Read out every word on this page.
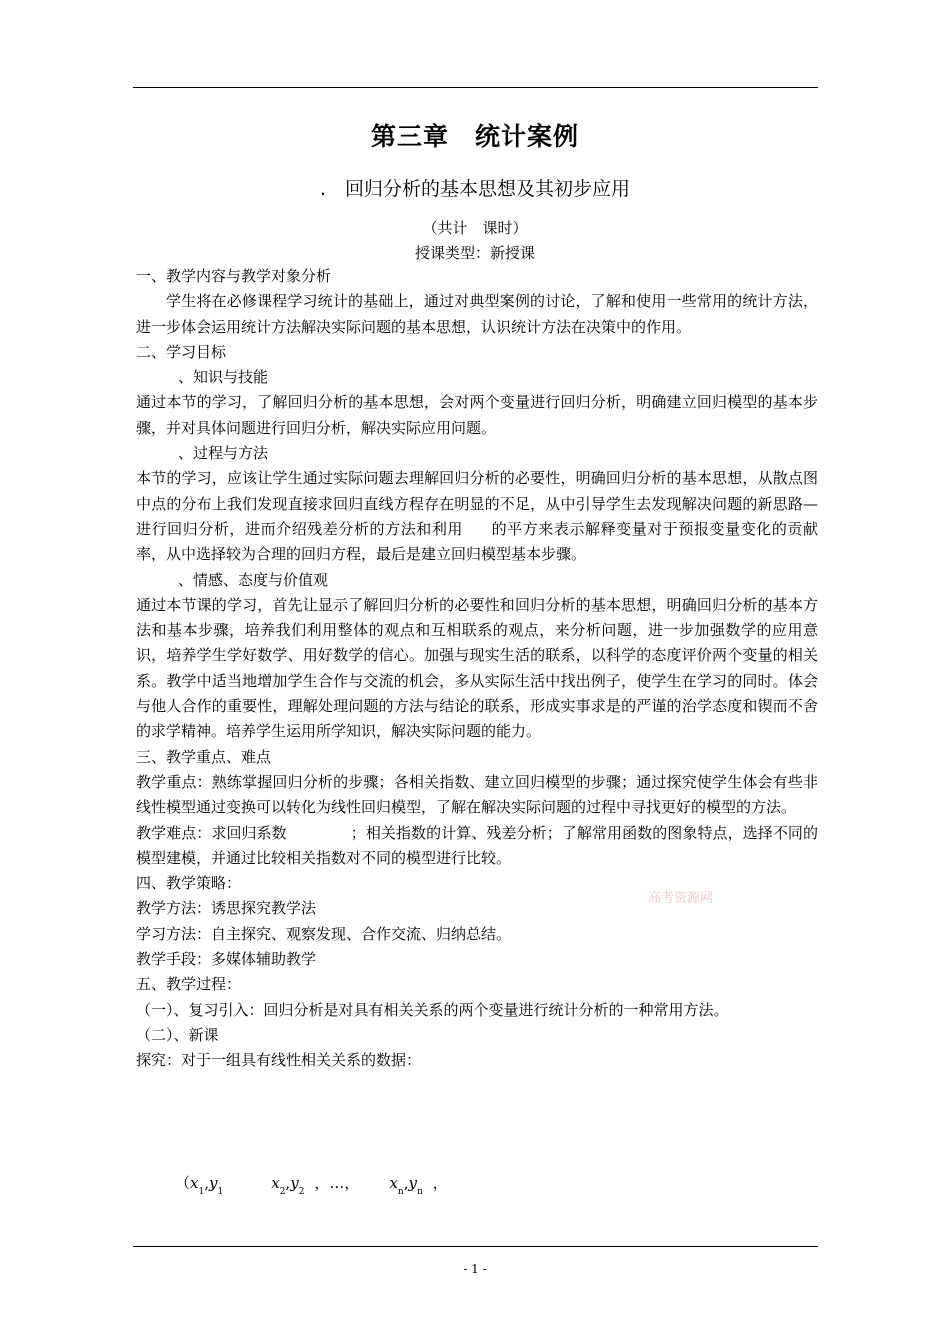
第三章　统计案例
.　回归分析的基本思想及其初步应用
（共计　课时）
授课类型：新授课

一、教学内容与教学对象分析

学生将在必修课程学习统计的基础上，通过对典型案例的讨论，了解和使用一些常用的统计方法，进一步体会运用统计方法解决实际问题的基本思想，认识统计方法在决策中的作用。

二、学习目标

、知识与技能

通过本节的学习，了解回归分析的基本思想，会对两个变量进行回归分析，明确建立回归模型的基本步骤，并对具体问题进行回归分析，解决实际应用问题。

、过程与方法

本节的学习，应该让学生通过实际问题去理解回归分析的必要性，明确回归分析的基本思想，从散点图中点的分布上我们发现直接求回归直线方程存在明显的不足，从中引导学生去发现解决问题的新思路—进行回归分析，进而介绍残差分析的方法和利用 的平方来表示解释变量对于预报变量变化的贡献率，从中选择较为合理的回归方程，最后是建立回归模型基本步骤。

、情感、态度与价值观

通过本节课的学习，首先让显示了解回归分析的必要性和回归分析的基本思想，明确回归分析的基本方法和基本步骤，培养我们利用整体的观点和互相联系的观点，来分析问题，进一步加强数学的应用意识，培养学生学好数学、用好数学的信心。加强与现实生活的联系，以科学的态度评价两个变量的相关系。教学中适当地增加学生合作与交流的机会，多从实际生活中找出例子，使学生在学习的同时。体会与他人合作的重要性，理解处理问题的方法与结论的联系，形成实事求是的严谨的治学态度和锲而不舍的求学精神。培养学生运用所学知识，解决实际问题的能力。

三、教学重点、难点

教学重点：熟练掌握回归分析的步骤；各相关指数、建立回归模型的步骤；通过探究使学生体会有些非线性模型通过变换可以转化为线性回归模型，了解在解决实际问题的过程中寻找更好的模型的方法。

教学难点：求回归系数	；相关指数的计算、残差分析；了解常用函数的图象特点，选择不同的模型建模，并通过比较相关指数对不同的模型进行比较。

四、教学策略：

教学方法：诱思探究教学法

学习方法：自主探究、观察发现、合作交流、归纳总结。

教学手段：多媒体辅助教学

五、教学过程：

（一）、复习引入：回归分析是对具有相关关系的两个变量进行统计分析的一种常用方法。

（二）、新课

探究：对于一组具有线性相关关系的数据：

高考资源网
（$x_1,y_1$	$x_2,y_2$ ，…， $x_n,y_n$ ，
- 1 -
